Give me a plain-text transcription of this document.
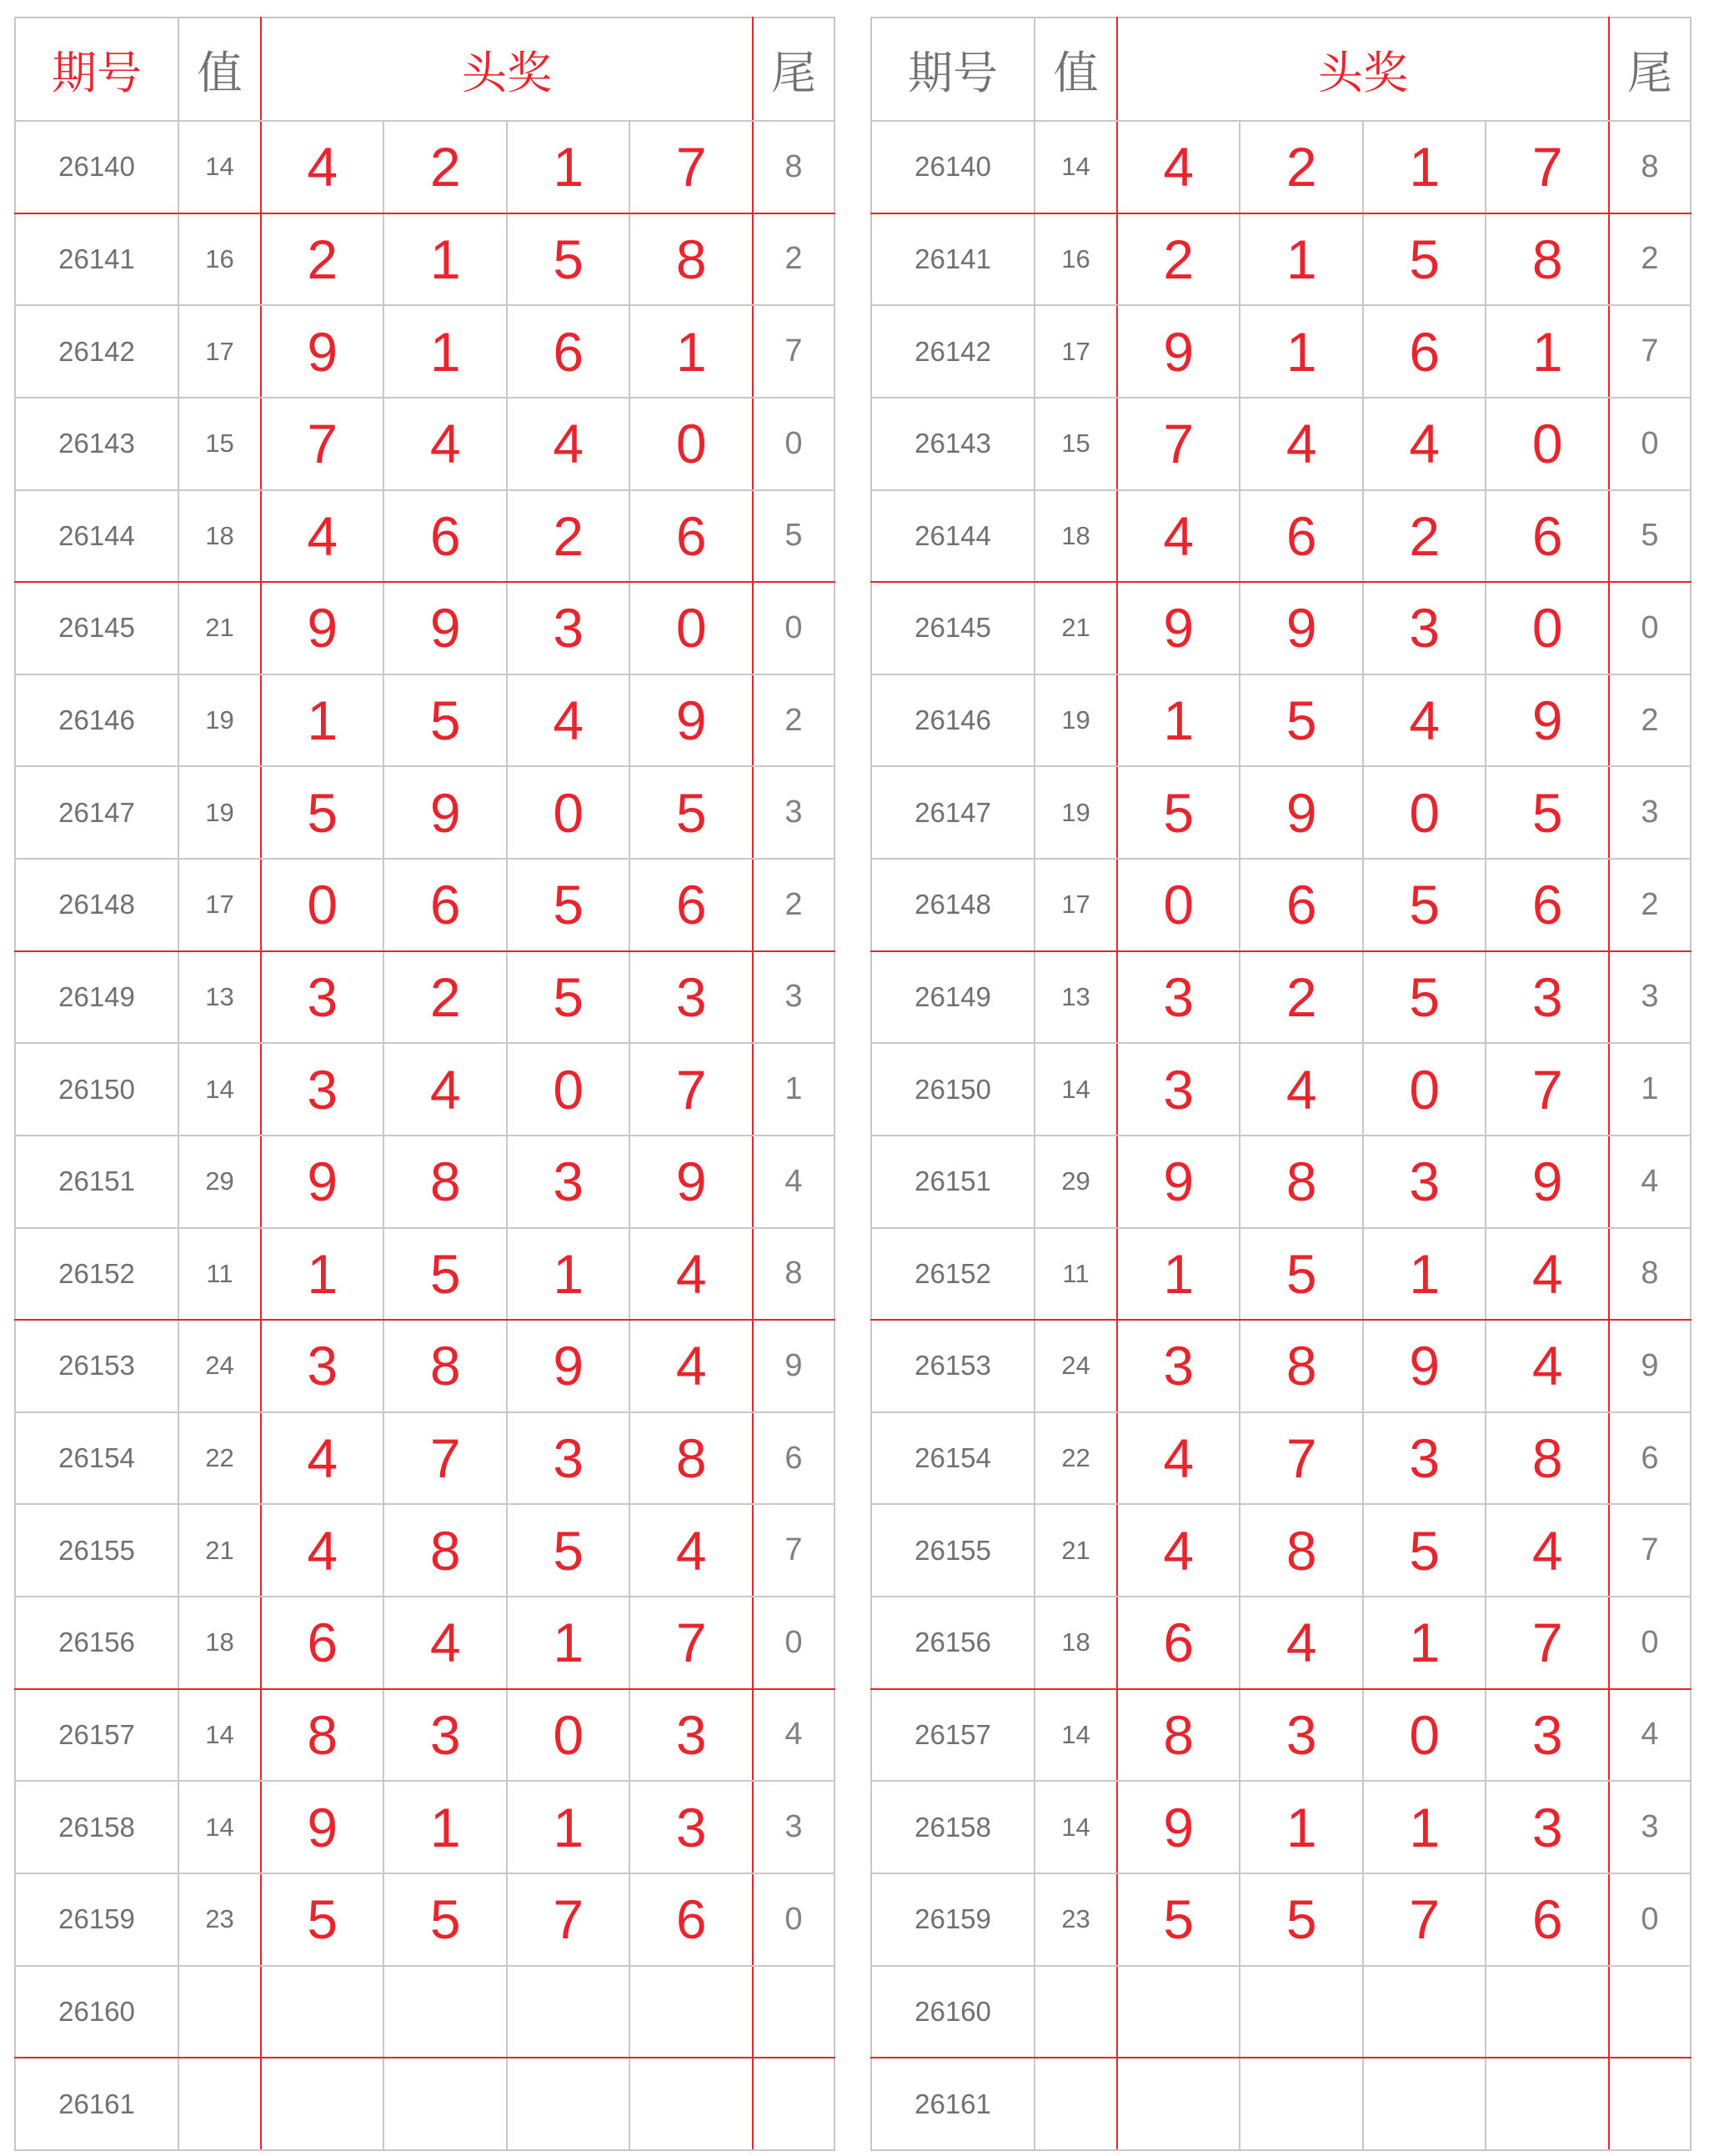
期号	值	头奖				尾
26140	14	4	2	1	7	8
26141	16	2	1	5	8	2
26142	17	9	1	6	1	7
26143	15	7	4	4	0	0
26144	18	4	6	2	6	5
26145	21	9	9	3	0	0
26146	19	1	5	4	9	2
26147	19	5	9	0	5	3
26148	17	0	6	5	6	2
26149	13	3	2	5	3	3
26150	14	3	4	0	7	1
26151	29	9	8	3	9	4
26152	11	1	5	1	4	8
26153	24	3	8	9	4	9
26154	22	4	7	3	8	6
26155	21	4	8	5	4	7
26156	18	6	4	1	7	0
26157	14	8	3	0	3	4
26158	14	9	1	1	3	3
26159	23	5	5	7	6	0
26160						
26161						
期号	值	头奖				尾
26140	14	4	2	1	7	8
26141	16	2	1	5	8	2
26142	17	9	1	6	1	7
26143	15	7	4	4	0	0
26144	18	4	6	2	6	5
26145	21	9	9	3	0	0
26146	19	1	5	4	9	2
26147	19	5	9	0	5	3
26148	17	0	6	5	6	2
26149	13	3	2	5	3	3
26150	14	3	4	0	7	1
26151	29	9	8	3	9	4
26152	11	1	5	1	4	8
26153	24	3	8	9	4	9
26154	22	4	7	3	8	6
26155	21	4	8	5	4	7
26156	18	6	4	1	7	0
26157	14	8	3	0	3	4
26158	14	9	1	1	3	3
26159	23	5	5	7	6	0
26160						
26161						
